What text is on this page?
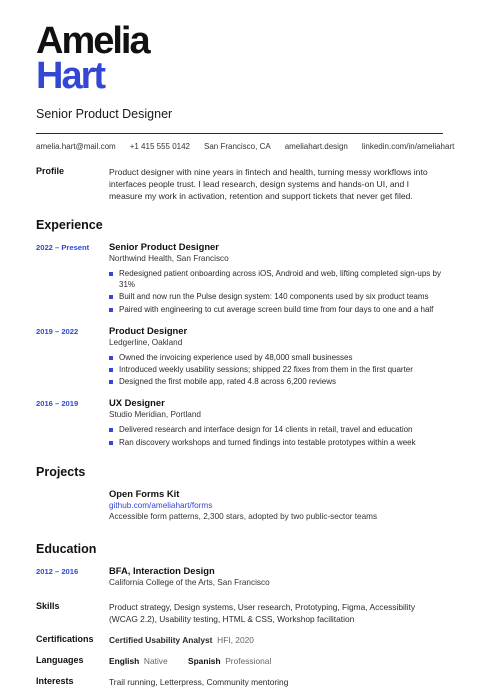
Amelia
Hart
Senior Product Designer
amelia.hart@mail.com +1 415 555 0142 San Francisco, CA ameliahart.design linkedin.com/in/ameliahart
Profile	Product designer with nine years in fintech and health, turning messy workflows into interfaces people trust. I lead research, design systems and hands-on UI, and I measure my work in activation, retention and support tickets that never get filed.
Experience
2022 – Present	Senior Product Designer
Northwind Health, San Francisco
Redesigned patient onboarding across iOS, Android and web, lifting completed sign-ups by 31%
Built and now run the Pulse design system: 140 components used by six product teams
Paired with engineering to cut average screen build time from four days to one and a half
2019 – 2022	Product Designer
Ledgerline, Oakland
Owned the invoicing experience used by 48,000 small businesses
Introduced weekly usability sessions; shipped 22 fixes from them in the first quarter
Designed the first mobile app, rated 4.8 across 6,200 reviews
2016 – 2019	UX Designer
Studio Meridian, Portland
Delivered research and interface design for 14 clients in retail, travel and education
Ran discovery workshops and turned findings into testable prototypes within a week
Projects
Open Forms Kit
github.com/ameliahart/forms
Accessible form patterns, 2,300 stars, adopted by two public-sector teams
Education
2012 – 2016	BFA, Interaction Design
California College of the Arts, San Francisco
Skills	Product strategy, Design systems, User research, Prototyping, Figma, Accessibility (WCAG 2.2), Usability testing, HTML & CSS, Workshop facilitation
Certifications	Certified Usability Analyst HFI, 2020
Languages	English Native Spanish Professional
Interests	Trail running, Letterpress, Community mentoring
